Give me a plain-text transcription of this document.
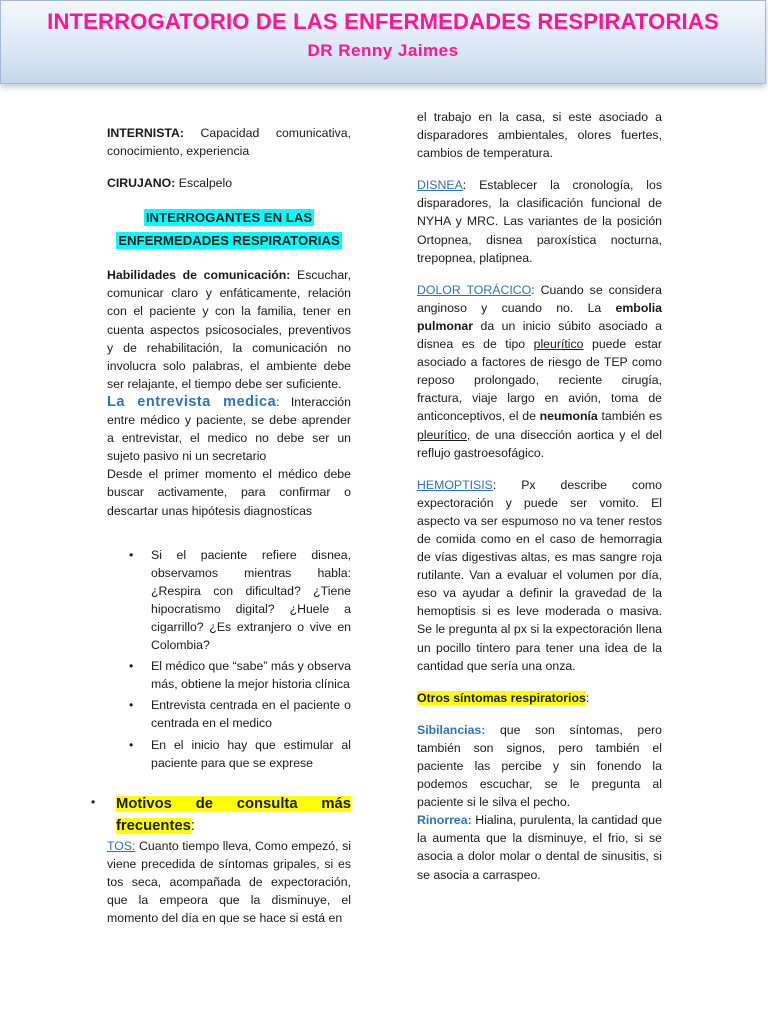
INTERROGATORIO DE LAS ENFERMEDADES RESPIRATORIAS
DR Renny Jaimes

INTERNISTA: Capacidad comunicativa, conocimiento, experiencia

CIRUJANO: Escalpelo

INTERROGANTES EN LAS
ENFERMEDADES RESPIRATORIAS

Habilidades de comunicación: Escuchar, comunicar claro y enfáticamente, relación con el paciente y con la familia, tener en cuenta aspectos psicosociales, preventivos y de rehabilitación, la comunicación no involucra solo palabras, el ambiente debe ser relajante, el tiempo debe ser suficiente.

La entrevista medica: Interacción entre médico y paciente, se debe aprender a entrevistar, el medico no debe ser un sujeto pasivo ni un secretario

Desde el primer momento el médico debe buscar activamente, para confirmar o descartar unas hipótesis diagnosticas

• Si el paciente refiere disnea, observamos mientras habla: ¿Respira con dificultad? ¿Tiene hipocratismo digital? ¿Huele a cigarrillo? ¿Es extranjero o vive en Colombia?
• El médico que “sabe” más y observa más, obtiene la mejor historia clínica
• Entrevista centrada en el paciente o centrada en el medico
• En el inicio hay que estimular al paciente para que se exprese
• Motivos de consulta más frecuentes:

TOS: Cuanto tiempo lleva, Como empezó, si viene precedida de síntomas gripales, si es tos seca, acompañada de expectoración, que la empeora que la disminuye, el momento del día en que se hace si está en

el trabajo en la casa, si este asociado a disparadores ambientales, olores fuertes, cambios de temperatura.

DISNEA: Establecer la cronología, los disparadores, la clasificación funcional de NYHA y MRC. Las variantes de la posición Ortopnea, disnea paroxística nocturna, trepopnea, platipnea.

DOLOR TORÁCICO: Cuando se considera anginoso y cuando no. La embolia pulmonar da un inicio súbito asociado a disnea es de tipo pleurítico puede estar asociado a factores de riesgo de TEP como reposo prolongado, reciente cirugía, fractura, viaje largo en avión, toma de anticonceptivos, el de neumonía también es pleurítico, de una disección aortica y el del reflujo gastroesofágico.

HEMOPTISIS: Px describe como expectoración y puede ser vomito. El aspecto va ser espumoso no va tener restos de comida como en el caso de hemorragia de vías digestivas altas, es mas sangre roja rutilante. Van a evaluar el volumen por día, eso va ayudar a definir la gravedad de la hemoptisis si es leve moderada o masiva. Se le pregunta al px si la expectoración llena un pocillo tintero para tener una idea de la cantidad que sería una onza.

Otros síntomas respiratorios:

Sibilancias: que son síntomas, pero también son signos, pero también el paciente las percibe y sin fonendo la podemos escuchar, se le pregunta al paciente si le silva el pecho.

Rinorrea: Hialina, purulenta, la cantidad que la aumenta que la disminuye, el frio, si se asocia a dolor molar o dental de sinusitis, si se asocia a carraspeo.
